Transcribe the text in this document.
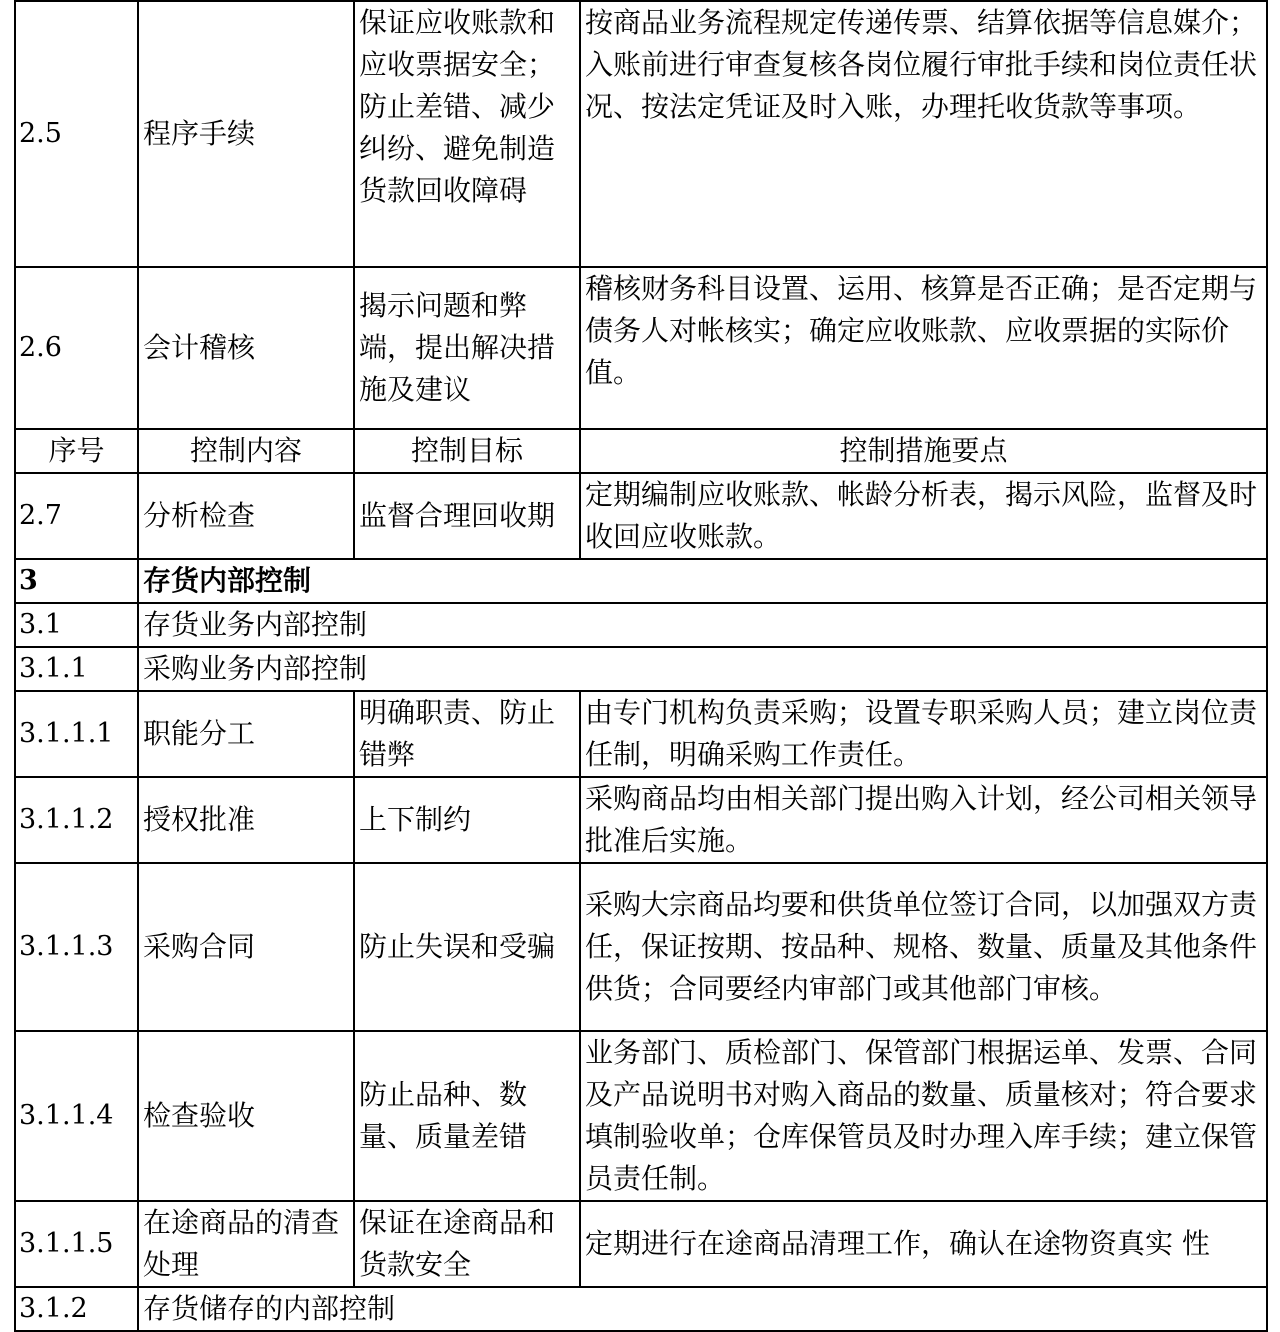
2.5	程序手续	保证应收账款和应收票据安全；防止差错、减少纠纷、避免制造货款回收障碍	按商品业务流程规定传递传票、结算依据等信息媒介；入账前进行审查复核各岗位履行审批手续和岗位责任状况、按法定凭证及时入账，办理托收货款等事项。
2.6	会计稽核	揭示问题和弊端，提出解决措施及建议	稽核财务科目设置、运用、核算是否正确；是否定期与债务人对帐核实；确定应收账款、应收票据的实际价值。
序号	控制内容	控制目标	控制措施要点
2.7	分析检查	监督合理回收期	定期编制应收账款、帐龄分析表，揭示风险，监督及时收回应收账款。
3	存货内部控制		
3.1	存货业务内部控制		
3.1.1	采购业务内部控制		
3.1.1.1	职能分工	明确职责、防止错弊	由专门机构负责采购；设置专职采购人员；建立岗位责任制，明确采购工作责任。
3.1.1.2	授权批准	上下制约	采购商品均由相关部门提出购入计划，经公司相关领导批准后实施。
3.1.1.3	采购合同	防止失误和受骗	采购大宗商品均要和供货单位签订合同，以加强双方责任，保证按期、按品种、规格、数量、质量及其他条件供货；合同要经内审部门或其他部门审核。
3.1.1.4	检查验收	防止品种、数量、质量差错	业务部门、质检部门、保管部门根据运单、发票、合同及产品说明书对购入商品的数量、质量核对；符合要求填制验收单；仓库保管员及时办理入库手续；建立保管员责任制。
3.1.1.5	在途商品的清查处理	保证在途商品和货款安全	定期进行在途商品清理工作，确认在途物资真实 性
3.1.2	存货储存的内部控制		
